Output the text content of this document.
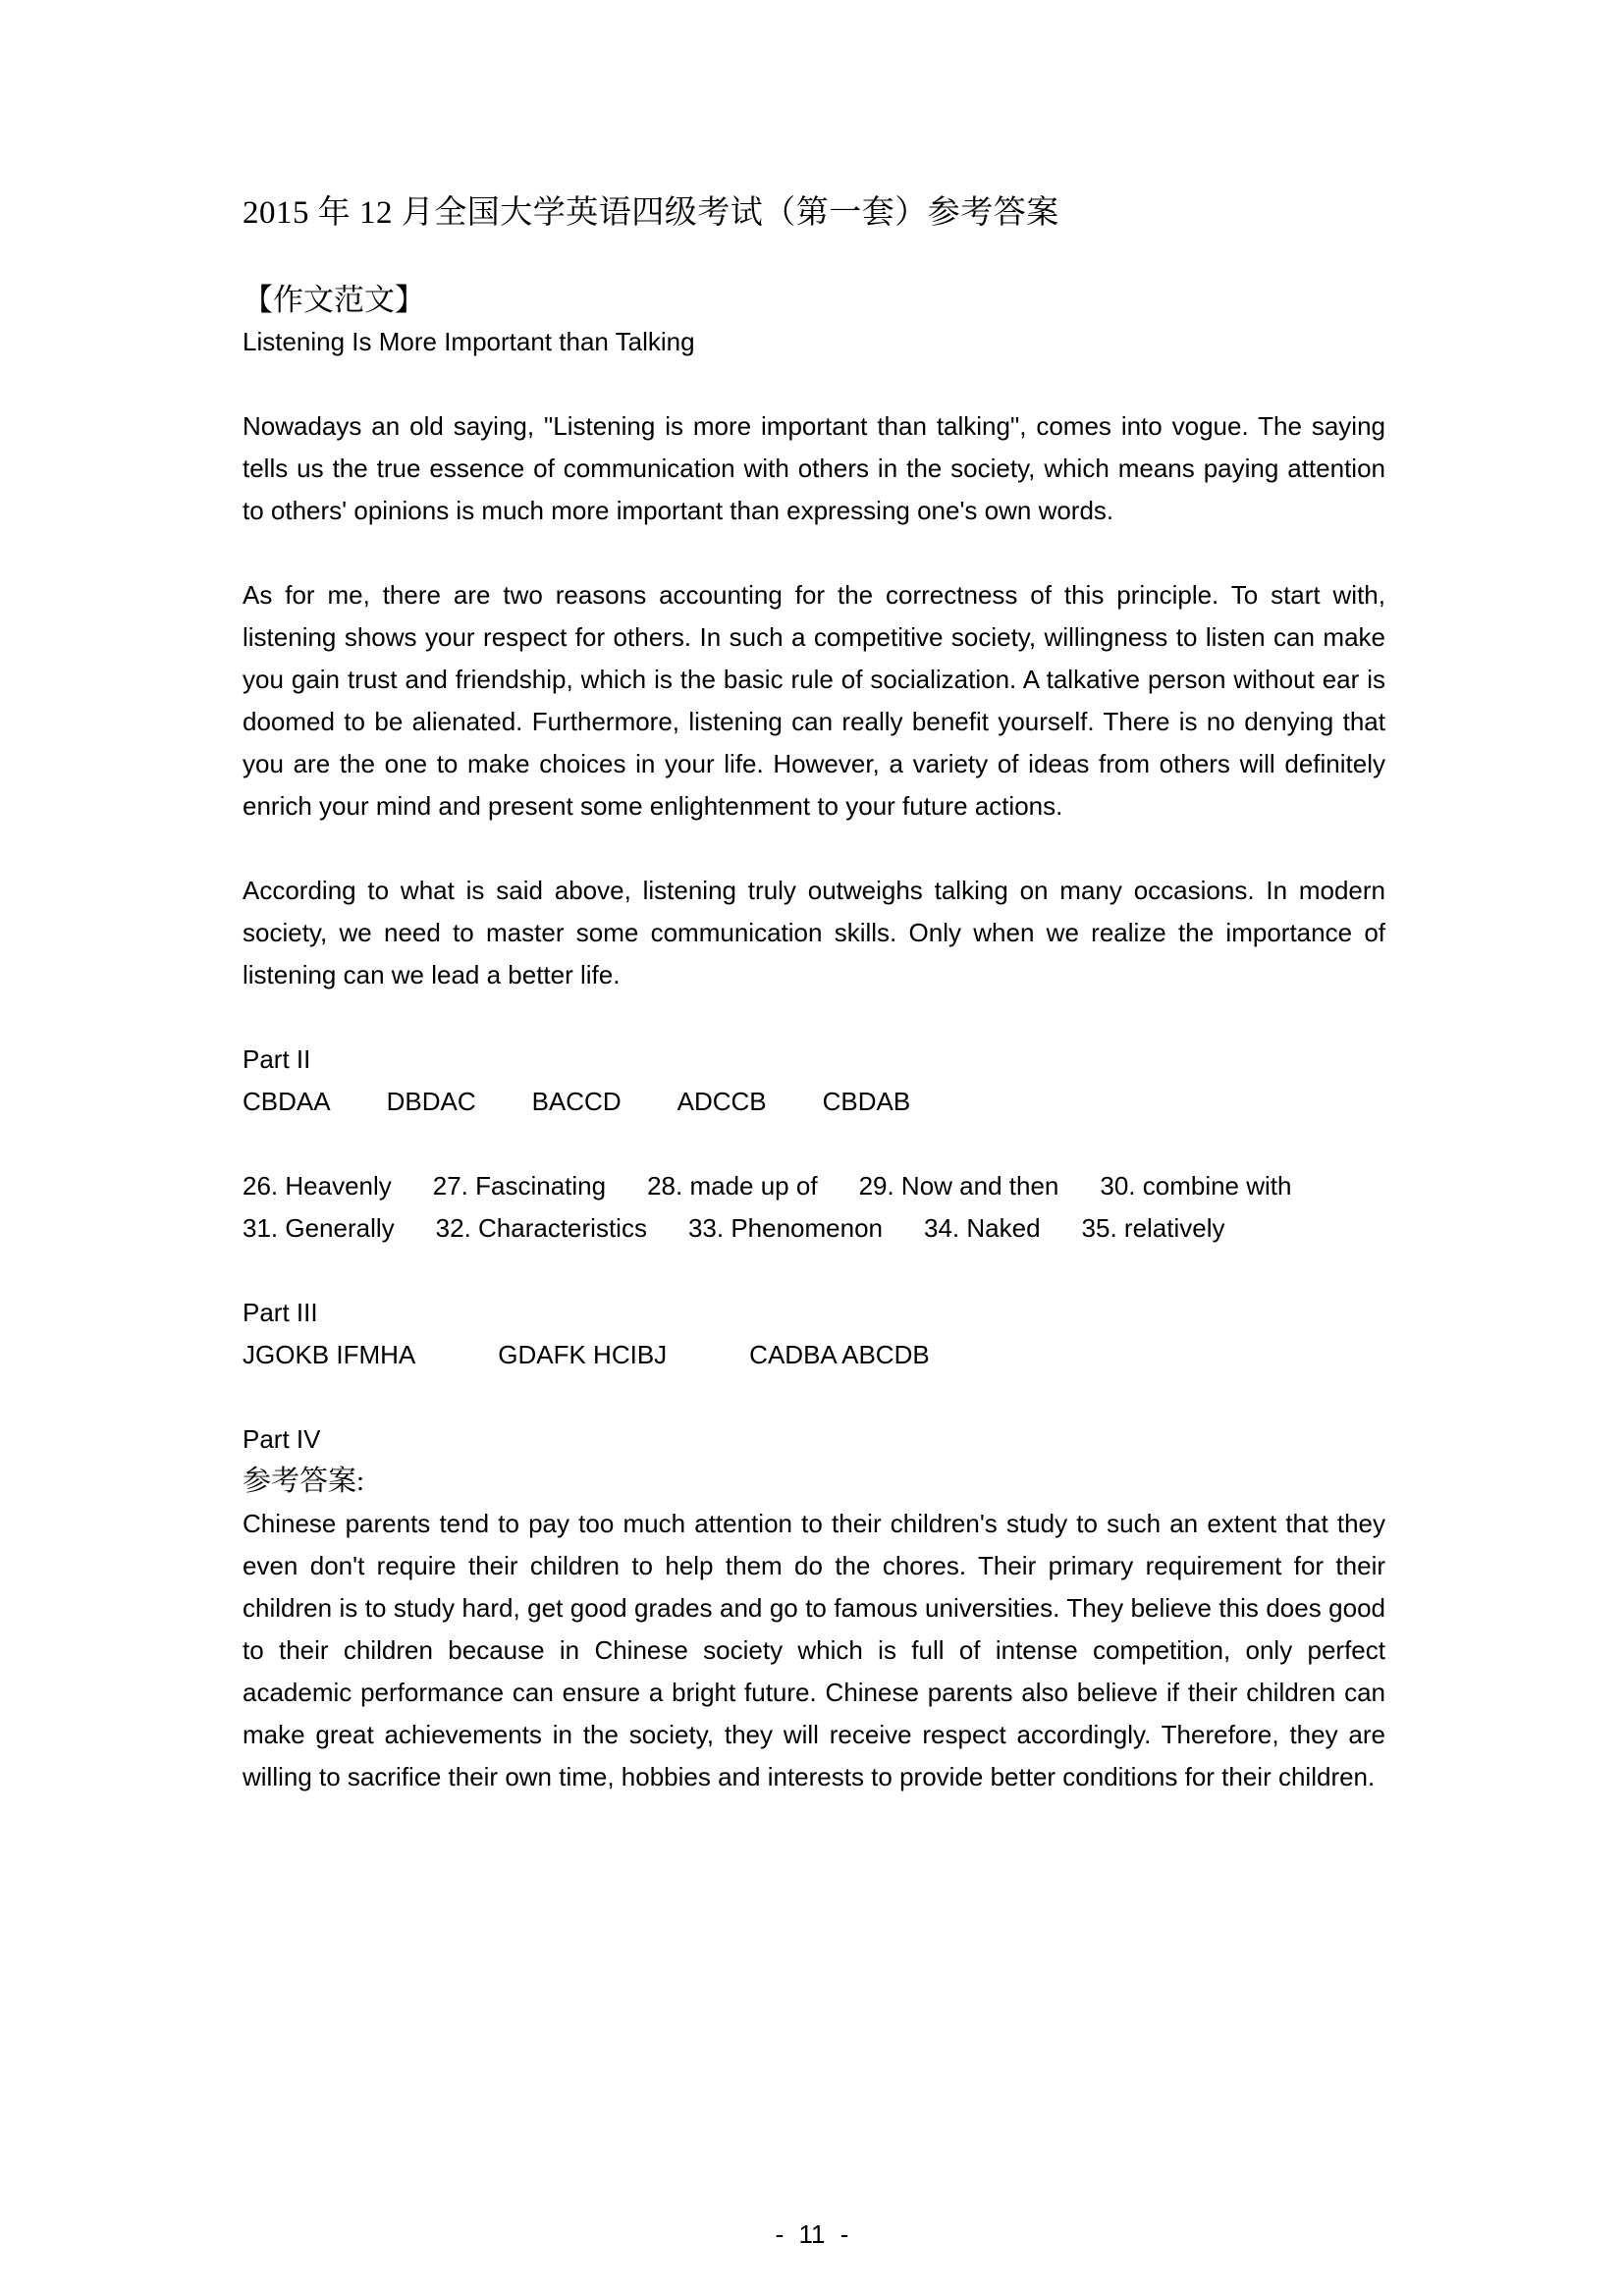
2015 年 12 月全国大学英语四级考试（第一套）参考答案
【作文范文】
Listening Is More Important than Talking

Nowadays an old saying, "Listening is more important than talking", comes into vogue. The saying tells us the true essence of communication with others in the society, which means paying attention to others' opinions is much more important than expressing one's own words.

As for me, there are two reasons accounting for the correctness of this principle. To start with, listening shows your respect for others. In such a competitive society, willingness to listen can make you gain trust and friendship, which is the basic rule of socialization. A talkative person without ear is doomed to be alienated. Furthermore, listening can really benefit yourself. There is no denying that you are the one to make choices in your life. However, a variety of ideas from others will definitely enrich your mind and present some enlightenment to your future actions.

According to what is said above, listening truly outweighs talking on many occasions. In modern society, we need to master some communication skills. Only when we realize the importance of listening can we lead a better life.

Part II
CBDAA DBDAC BACCD ADCCB CBDAB
26. Heavenly 27. Fascinating 28. made up of 29. Now and then 30. combine with
31. Generally 32. Characteristics 33. Phenomenon 34. Naked 35. relatively
Part III
JGOKB IFMHA	GDAFK HCIBJ	CADBA ABCDB
Part IV
参考答案:

Chinese parents tend to pay too much attention to their children's study to such an extent that they even don't require their children to help them do the chores. Their primary requirement for their children is to study hard, get good grades and go to famous universities. They believe this does good to their children because in Chinese society which is full of intense competition, only perfect academic performance can ensure a bright future. Chinese parents also believe if their children can make great achievements in the society, they will receive respect accordingly. Therefore, they are willing to sacrifice their own time, hobbies and interests to provide better conditions for their children.

- 11 -
